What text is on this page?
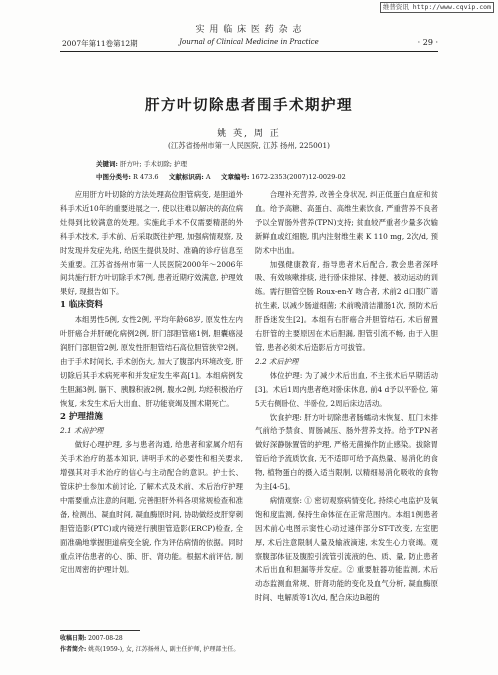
维普资讯 http://www.cqvip.com
2007年第11卷第12期
实 用 临 床 医 药 杂 志
Journal of Clinical Medicine in Practice	· 29 ·
肝方叶切除患者围手术期护理
姚 英, 周 正
(江苏省扬州市第一人民医院, 江苏 扬州, 225001)
关键词: 肝方叶; 手术切除; 护理
中图分类号: R 473.6 文献标识码: A 文章编号: 1672-2353(2007)12-0029-02

应用肝方叶切除的方法处理高位胆管病变, 是胆道外科手术近10年的重要进展之一, 使以往难以解决的高位病灶得到比较满意的处理。实施此手术不仅需要精湛的外科手术技术, 手术前、后采取既往护理, 加强病情观察, 及时发现并发症先兆, 给医生提供及时、准确的诊疗信息至关重要。江苏省扬州市第一人民医院2000年～2006年间共施行肝方叶切除手术7例, 患者近期疗效满意, 护理效果好, 现报告如下。

1 临床资料

本组男性5例, 女性2例, 平均年龄68岁, 原发性左内叶肝癌合并肝硬化病例2例, 肝门部胆管癌1例, 胆囊癌浸润肝门部胆管2例, 原发性肝胆管结石高位胆管狭窄2例。由于手术时间长, 手术创伤大, 加大了腹部内环境改变, 肝切除后其手术病死率和并发症发生率高[1]。本组病例发生胆漏3例, 膈下、胰腺积液2例, 腹水2例, 均经积极治疗恢复, 未发生术后大出血、肝功能衰竭及围术期死亡。

2 护理措施

2.1 术前护理

做好心理护理, 多与患者沟通, 给患者和家属介绍有关手术治疗的基本知识, 讲明手术的必要性和相关要求, 增强其对手术治疗的信心与主动配合的意识。护士长、管床护士参加术前讨论, 了解术式及术前、术后治疗护理中需要重点注意的问题, 完善胆肝外科各项常规检查和准备, 检测出、凝血时间, 凝血酶原时间, 协助做经皮肝穿刺胆管造影(PTC)或内镜逆行胰胆管造影(ERCP)检查, 全面准确地掌握胆道病变全貌, 作为评估病情的依据。同时重点评估患者的心、肺、肝、肾功能。根据术前评估, 制定出周密的护理计划。

合理补充营养, 改善全身状况, 纠正低蛋白血症和贫血。给予高糖、高蛋白、高维生素饮食, 严重营养不良者予以全胃肠外营养(TPN)支持; 贫血较严重者少量多次输新鲜血或红细胞, 肌内注射维生素 K 110 mg, 2次/d, 预防术中出血。

加强健康教育, 指导患者术后配合, 教会患者深呼吸、有效咳嗽排痰, 进行卧床排尿、排便、被动运动的训练。需行胆管空肠 Roux-en-Y 吻合者, 术前2 d口服广谱抗生素, 以减少肠道细菌; 术前晚清洁灌肠1次, 预防术后肝昏迷发生[2]。本组有右肝癌合并胆管结石, 术后留置右肝管的主要原因在术后胆漏, 胆管引流不畅, 由于入胆管, 患者必须术后造影后方可拔管。

2.2 术后护理

体位护理: 为了减少术后出血, 不主张术后早期活动[3]。术后1周内患者绝对卧床休息, 前4 d予以平卧位, 第5天右侧卧位、半卧位, 2周后床边活动。

饮食护理: 肝方叶切除患者肠蠕动未恢复、肛门未排气前给予禁食、胃肠减压、肠外营养支持。给予TPN者做好深静脉置管的护理, 严格无菌操作防止感染。拔除胃管后给予流质饮食, 无不适即可给予高热量、易消化的食物, 植物蛋白的摄入适当限制, 以精细易消化吸收的食物为主[4-5]。

病情观察: ① 密切观察病情变化, 持续心电监护及氧饱和度监测, 保持生命体征在正常范围内。本组1例患者因术前心电图示窦性心动过速伴部分ST-T改变, 左室肥厚, 术后注意限制人量及输液滴速, 未发生心力衰竭。观察腹部体征及腹腔引流管引流液的色、质、量, 防止患者术后出血和胆漏等并发症。② 重要脏器功能监测, 术后动态监测血常规、肝肾功能的变化及血气分析, 凝血酶原时间、电解质等1次/d, 配合床边B超的

收稿日期: 2007-08-28
作者简介: 姚英(1959-), 女, 江苏扬州人, 副主任护师, 护理部主任。
